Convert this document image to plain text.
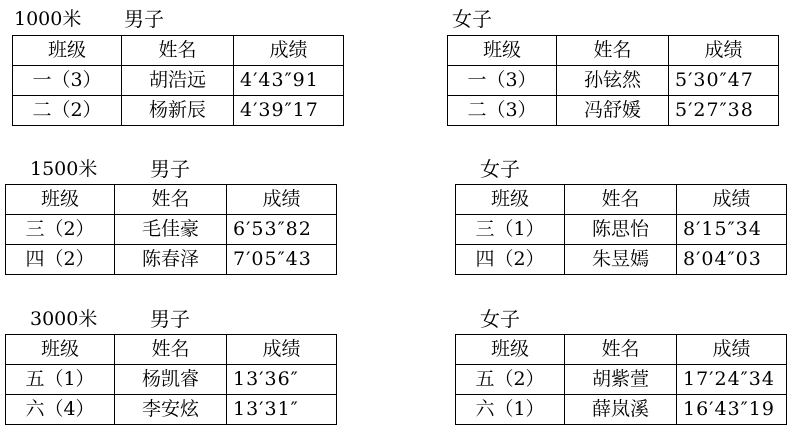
1000米 男子	女子
班级	姓名	成绩
一（3）	胡浩远	4′43″91
二（2）	杨新辰	4′39″17
班级	姓名	成绩
一（3）	孙铉然	5′30″47
二（3）	冯舒媛	5′27″38
1500米	男子	女子
班级	姓名	成绩
三（2）	毛佳豪	6′53″82
四（2）	陈春泽	7′05″43
班级	姓名	成绩
三（1）	陈思怡	8′15″34
四（2）	朱昱嫣	8′04″03
3000米	男子	女子
班级	姓名	成绩
五（1）	杨凯睿	13′36″
六（4）	李安炫	13′31″
班级	姓名	成绩
五（2）	胡紫萱	17′24″34
六（1）	薛岚溪	16′43″19
